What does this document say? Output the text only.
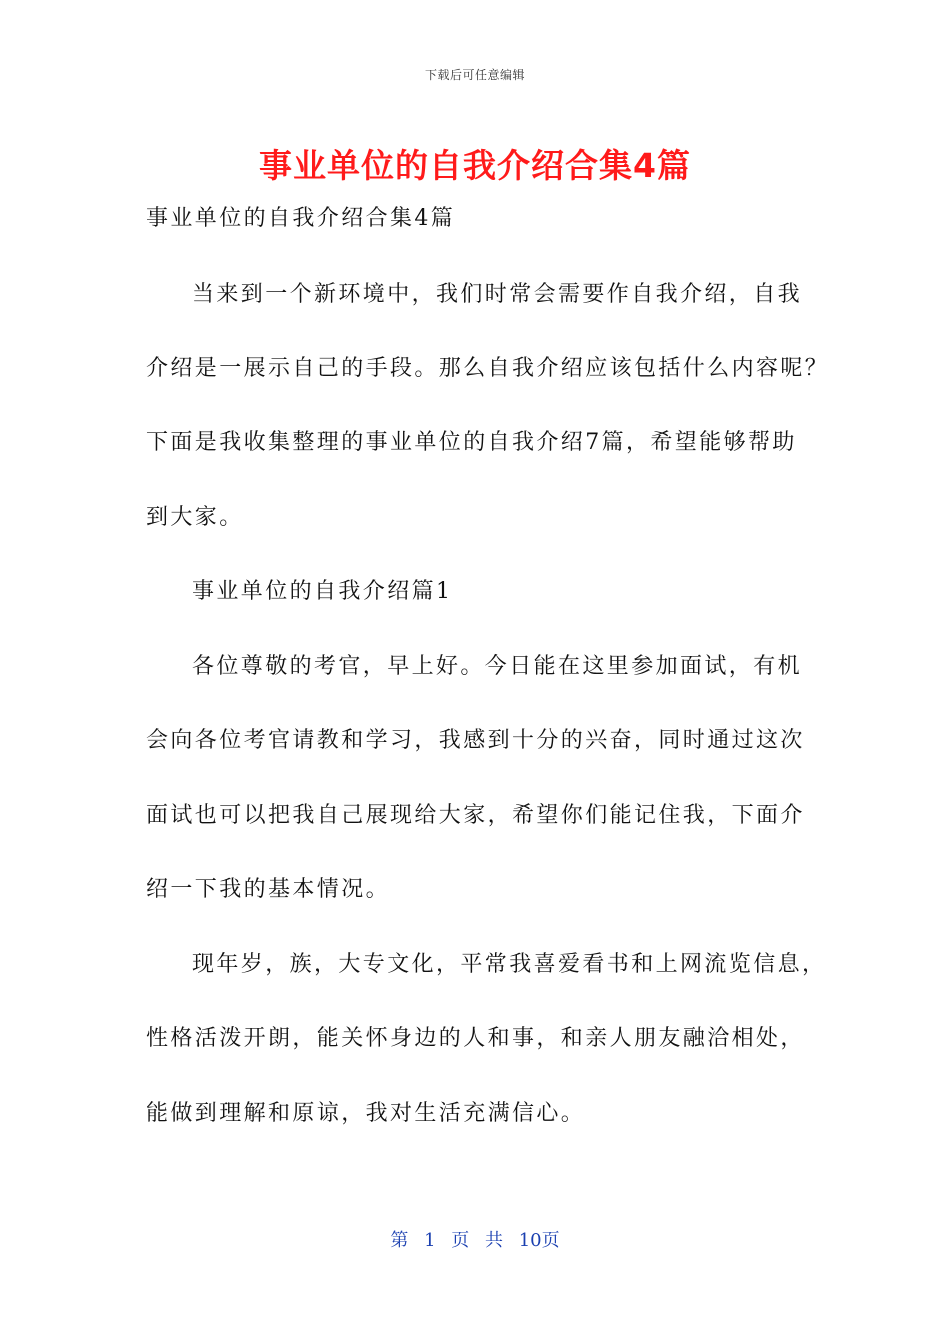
下载后可任意编辑
事业单位的自我介绍合集4篇
事业单位的自我介绍合集4篇
当来到一个新环境中，我们时常会需要作自我介绍，自我
介绍是一展示自己的手段。那么自我介绍应该包括什么内容呢？
下面是我收集整理的事业单位的自我介绍7篇，希望能够帮助
到大家。
事业单位的自我介绍篇1
各位尊敬的考官，早上好。今日能在这里参加面试，有机
会向各位考官请教和学习，我感到十分的兴奋，同时通过这次
面试也可以把我自己展现给大家，希望你们能记住我，下面介
绍一下我的基本情况。
现年岁，族，大专文化，平常我喜爱看书和上网流览信息，
性格活泼开朗，能关怀身边的人和事，和亲人朋友融洽相处，
能做到理解和原谅，我对生活充满信心。
第 1 页 共 10页
